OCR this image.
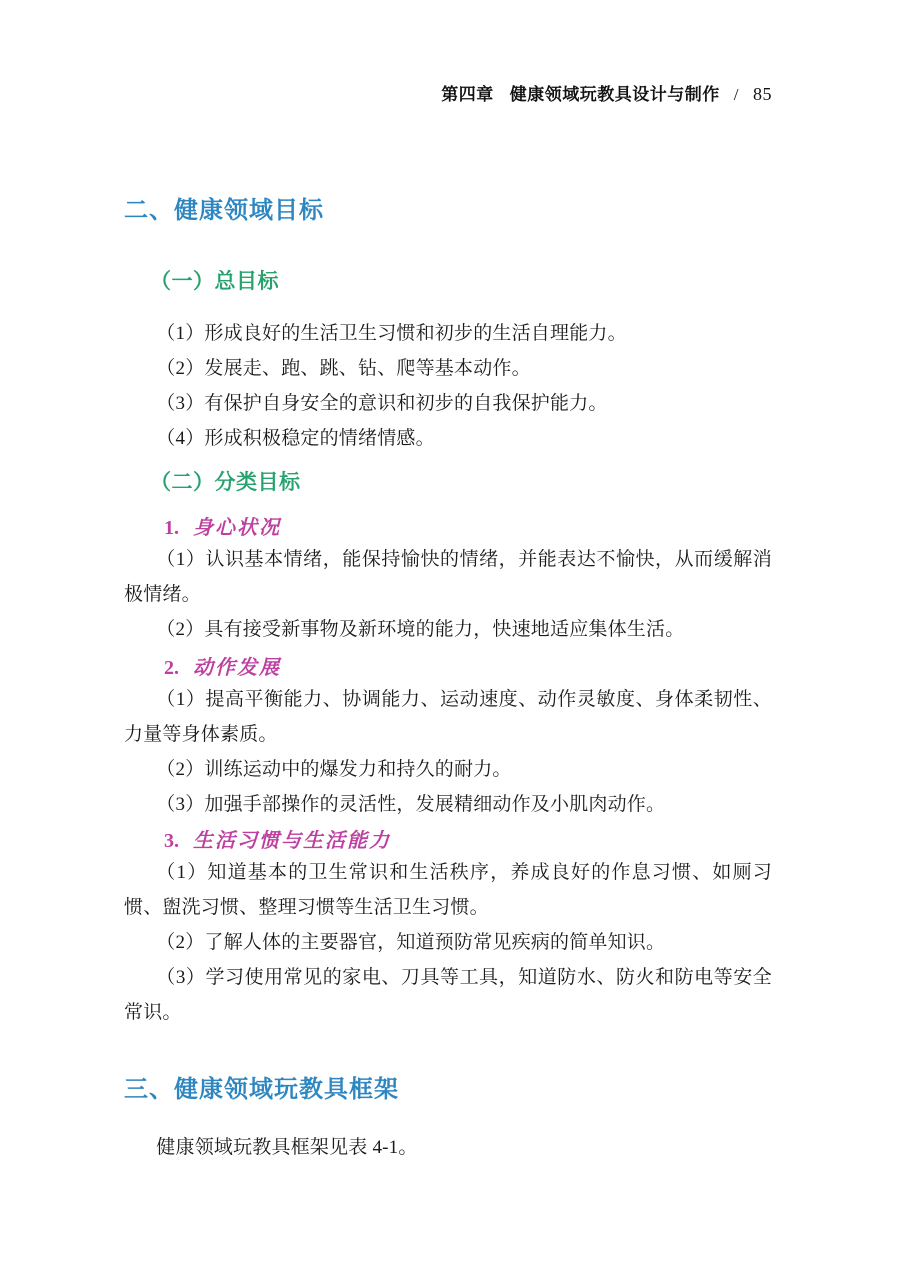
第四章 健康领域玩教具设计与制作 / 85
二、健康领域目标
（一）总目标

（1）形成良好的生活卫生习惯和初步的生活自理能力。

（2）发展走、跑、跳、钻、爬等基本动作。

（3）有保护自身安全的意识和初步的自我保护能力。

（4）形成积极稳定的情绪情感。

（二）分类目标
1. 身心状况

（1）认识基本情绪，能保持愉快的情绪，并能表达不愉快，从而缓解消极情绪。

（2）具有接受新事物及新环境的能力，快速地适应集体生活。

2. 动作发展

（1）提高平衡能力、协调能力、运动速度、动作灵敏度、身体柔韧性、力量等身体素质。

（2）训练运动中的爆发力和持久的耐力。

（3）加强手部操作的灵活性，发展精细动作及小肌肉动作。

3. 生活习惯与生活能力

（1）知道基本的卫生常识和生活秩序，养成良好的作息习惯、如厕习惯、盥洗习惯、整理习惯等生活卫生习惯。

（2）了解人体的主要器官，知道预防常见疾病的简单知识。

（3）学习使用常见的家电、刀具等工具，知道防水、防火和防电等安全常识。

三、健康领域玩教具框架

健康领域玩教具框架见表 4-1。
